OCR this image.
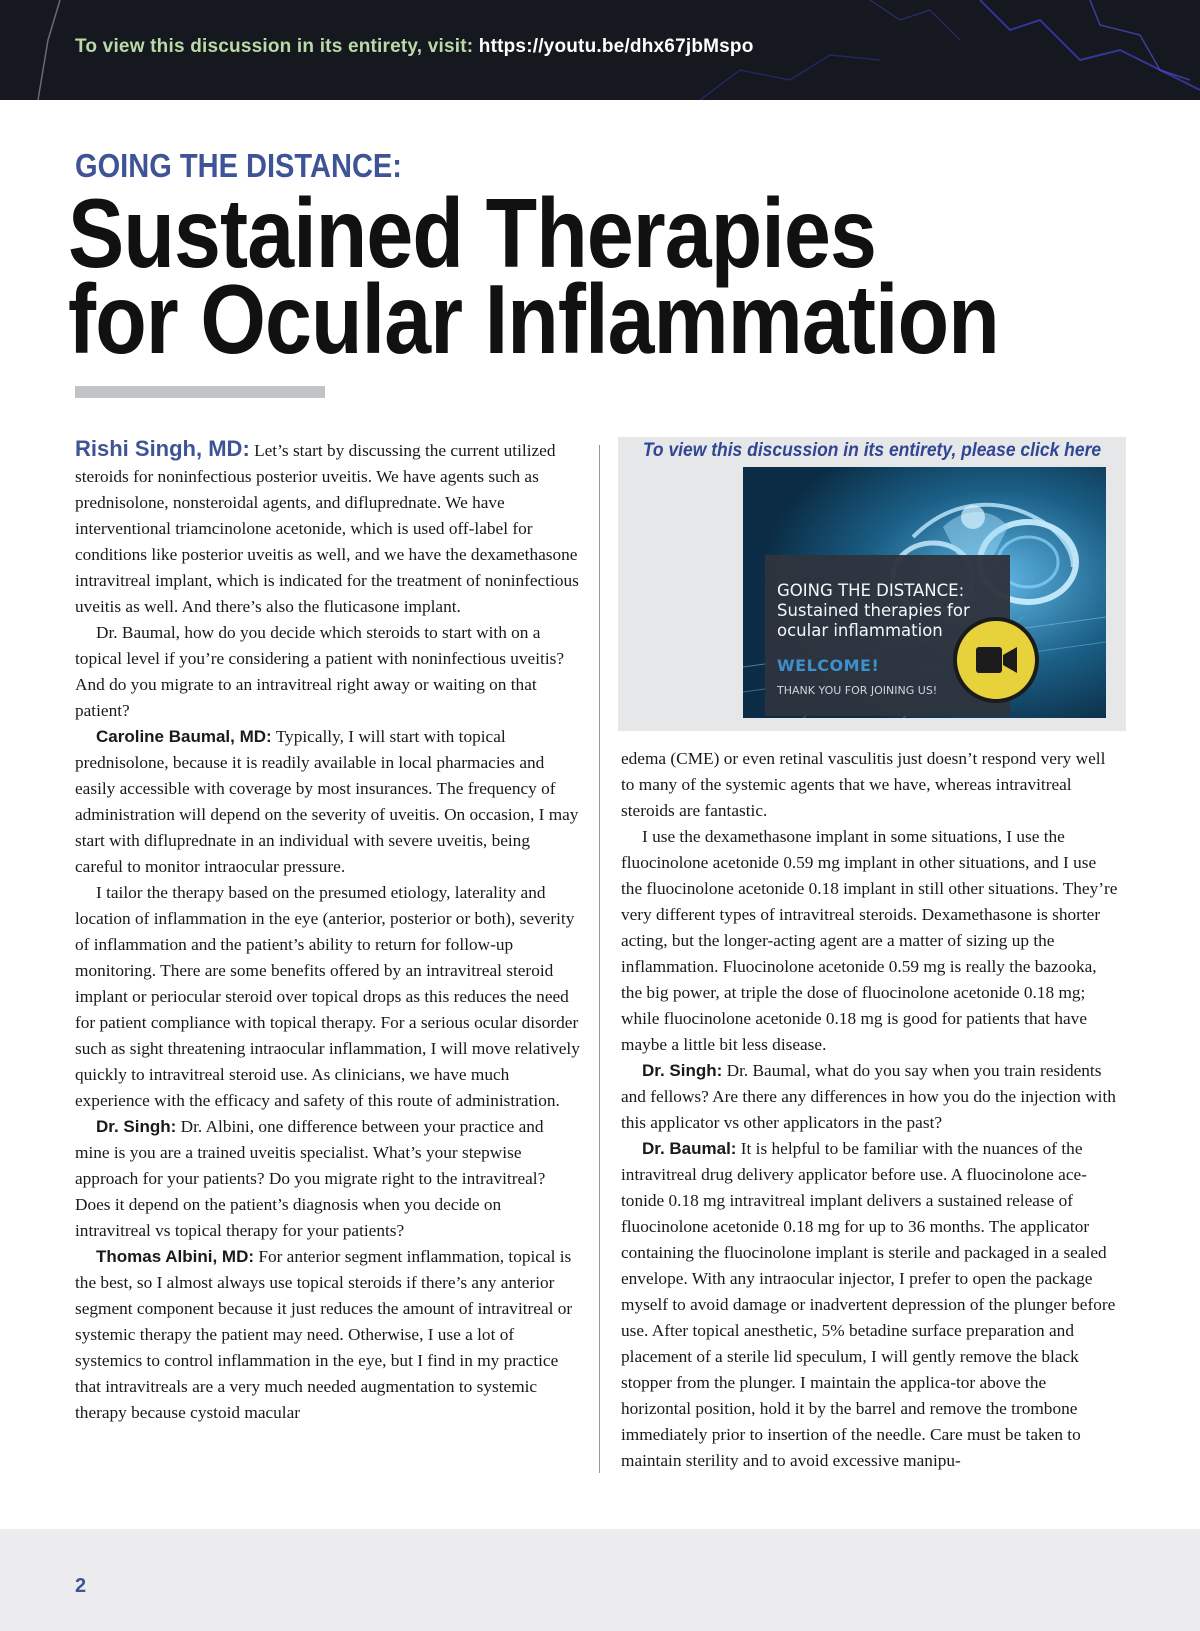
To view this discussion in its entirety, visit: https://youtu.be/dhx67jbMspo
GOING THE DISTANCE:
Sustained Therapies
for Ocular Inflammation

Rishi Singh, MD: Let’s start by discussing the current utilized steroids for noninfectious posterior uveitis. We have agents such as prednisolone, nonsteroidal agents, and difluprednate. We have interventional triamcinolone acetonide, which is used off-label for conditions like posterior uveitis as well, and we have the dexamethasone intravitreal implant, which is indicated for the treatment of noninfectious uveitis as well. And there’s also the fluticasone implant.

Dr. Baumal, how do you decide which steroids to start with on a topical level if you’re considering a patient with noninfectious uveitis? And do you migrate to an intravitreal right away or waiting on that patient?

Caroline Baumal, MD: Typically, I will start with topical prednisolone, because it is readily available in local pharmacies and easily accessible with coverage by most insurances. The frequency of administration will depend on the severity of uveitis. On occasion, I may start with difluprednate in an individual with severe uveitis, being careful to monitor intraocular pressure.

I tailor the therapy based on the presumed etiology, laterality and location of inflammation in the eye (anterior, posterior or both), severity of inflammation and the patient’s ability to return for follow-up monitoring. There are some benefits offered by an intravitreal steroid implant or periocular steroid over topical drops as this reduces the need for patient compliance with topical therapy. For a serious ocular disorder such as sight threatening intraocular inflammation, I will move relatively quickly to intravitreal steroid use. As clinicians, we have much experience with the efficacy and safety of this route of administration.

Dr. Singh: Dr. Albini, one difference between your practice and mine is you are a trained uveitis specialist. What’s your stepwise approach for your patients? Do you migrate right to the intravitreal? Does it depend on the patient’s diagnosis when you decide on intravitreal vs topical therapy for your patients?

Thomas Albini, MD: For anterior segment inflammation, topical is the best, so I almost always use topical steroids if there’s any anterior segment component because it just reduces the amount of intravitreal or systemic therapy the patient may need. Otherwise, I use a lot of systemics to control inflammation in the eye, but I find in my practice that intravitreals are a very much needed augmentation to systemic therapy because cystoid macular

To view this discussion in its entirety, please click here
GOING THE DISTANCE:
Sustained therapies for
ocular inflammation
WELCOME!
THANK YOU FOR JOINING US!

edema (CME) or even retinal vasculitis just doesn’t respond very well to many of the systemic agents that we have, whereas intravitreal steroids are fantastic.

I use the dexamethasone implant in some situations, I use the fluocinolone acetonide 0.59 mg implant in other situations, and I use the fluocinolone acetonide 0.18 implant in still other situations. They’re very different types of intravitreal steroids. Dexamethasone is shorter acting, but the longer-acting agent are a matter of sizing up the inflammation. Fluocinolone acetonide 0.59 mg is really the bazooka, the big power, at triple the dose of fluocinolone acetonide 0.18 mg; while fluocinolone acetonide 0.18 mg is good for patients that have maybe a little bit less disease.

Dr. Singh: Dr. Baumal, what do you say when you train residents and fellows? Are there any differences in how you do the injection with this applicator vs other applicators in the past?

Dr. Baumal: It is helpful to be familiar with the nuances of the intravitreal drug delivery applicator before use. A fluocinolone ace-tonide 0.18 mg intravitreal implant delivers a sustained release of fluocinolone acetonide 0.18 mg for up to 36 months. The applicator containing the fluocinolone implant is sterile and packaged in a sealed envelope. With any intraocular injector, I prefer to open the package myself to avoid damage or inadvertent depression of the plunger before use. After topical anesthetic, 5% betadine surface preparation and placement of a sterile lid speculum, I will gently remove the black stopper from the plunger. I maintain the applica-tor above the horizontal position, hold it by the barrel and remove the trombone immediately prior to insertion of the needle. Care must be taken to maintain sterility and to avoid excessive manipu-

2
